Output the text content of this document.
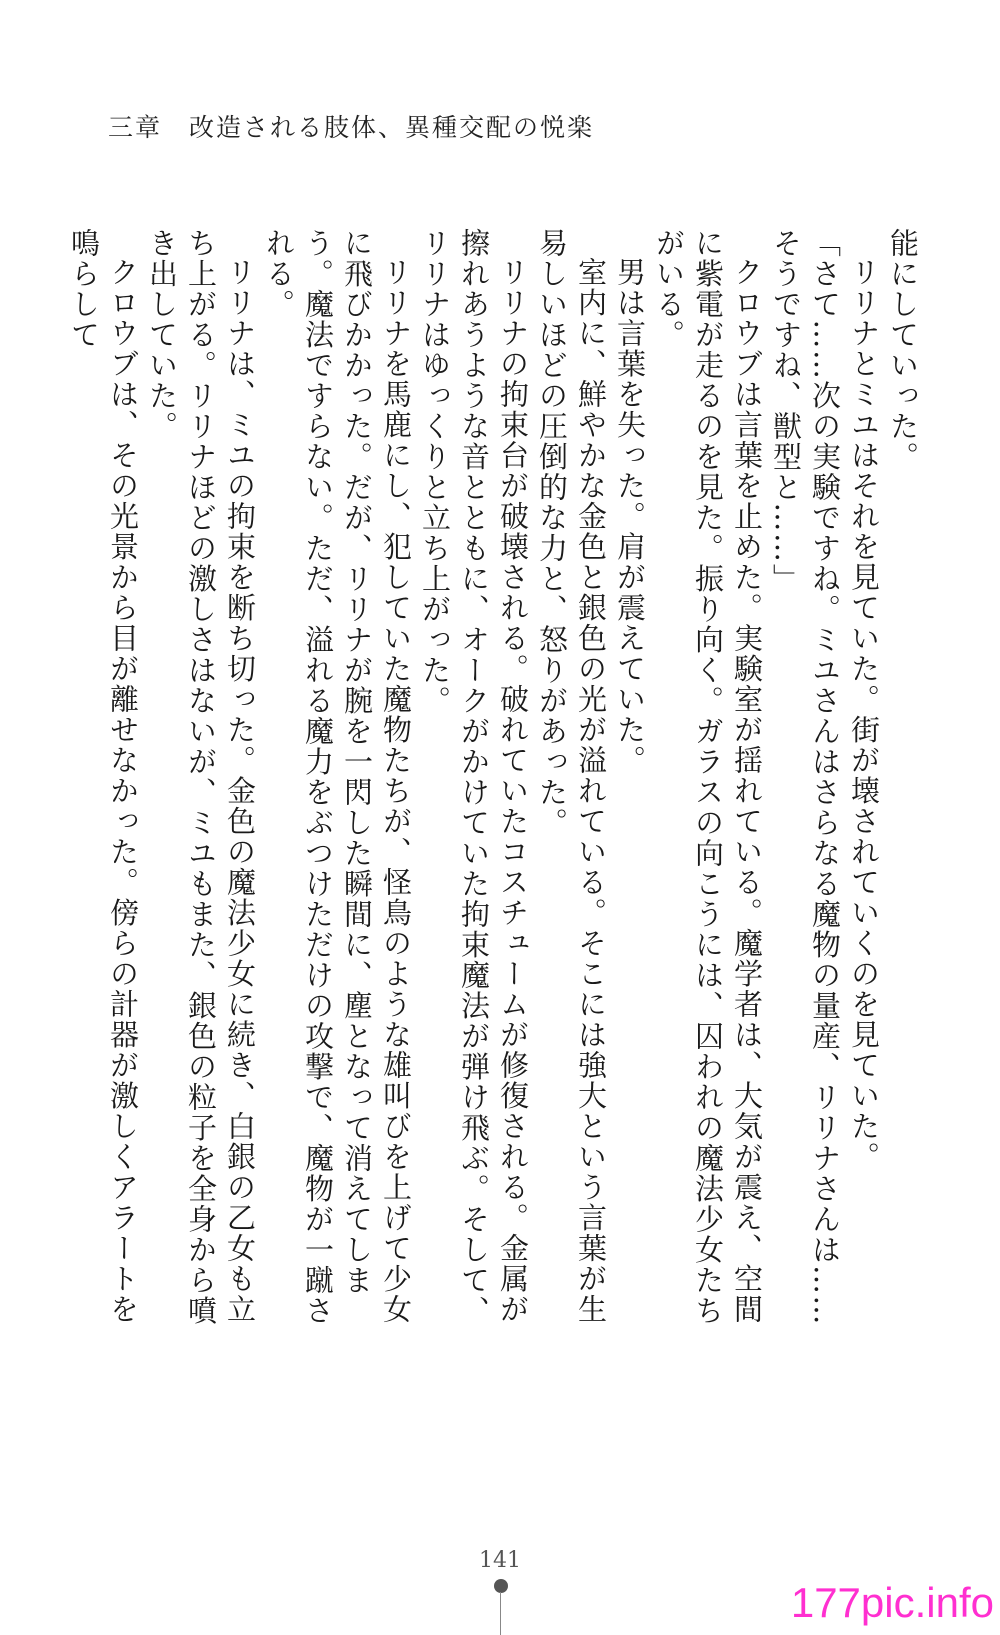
三章　改造される肢体、異種交配の悦楽

能にしていった。

リリナとミユはそれを見ていた。街が壊されていくのを見ていた。

「さて……次の実験ですね。ミユさんはさらなる魔物の量産、リリナさんは……そうですね、獣型と……」

クロウブは言葉を止めた。実験室が揺れている。魔学者は、大気が震え、空間に紫電が走るのを見た。振り向く。ガラスの向こうには、囚われの魔法少女たちがいる。

男は言葉を失った。肩が震えていた。

室内に、鮮やかな金色と銀色の光が溢れている。そこには強大という言葉が生易しいほどの圧倒的な力と、怒りがあった。

リリナの拘束台が破壊される。破れていたコスチュームが修復される。金属が擦れあうような音とともに、オークがかけていた拘束魔法が弾け飛ぶ。そして、リリナはゆっくりと立ち上がった。

リリナを馬鹿にし、犯していた魔物たちが、怪鳥のような雄叫びを上げて少女に飛びかかった。だが、リリナが腕を一閃した瞬間に、塵となって消えてしまう。魔法ですらない。ただ、溢れる魔力をぶつけただけの攻撃で、魔物が一蹴される。

リリナは、ミユの拘束を断ち切った。金色の魔法少女に続き、白銀の乙女も立ち上がる。リリナほどの激しさはないが、ミユもまた、銀色の粒子を全身から噴き出していた。

クロウブは、その光景から目が離せなかった。傍らの計器が激しくアラートを鳴らして

141
177pic.info
